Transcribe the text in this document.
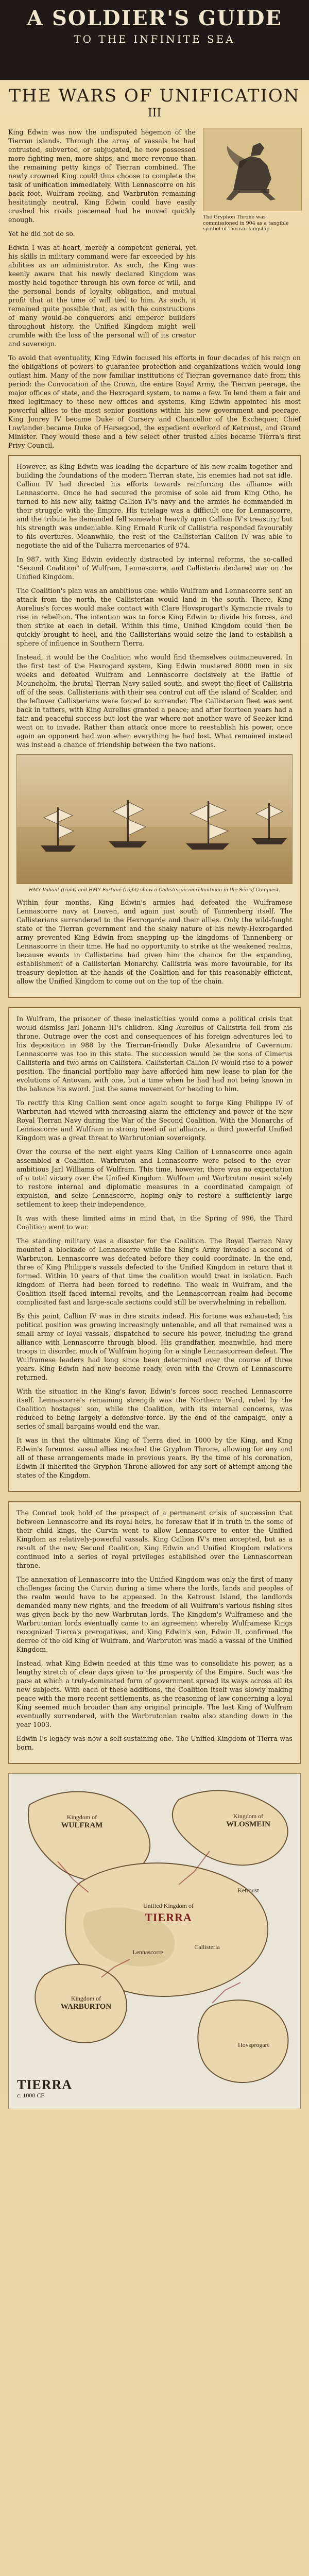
A SOLDIER'S GUIDE
TO THE INFINITE SEA
THE WARS OF UNIFICATION
III

King Edwin was now the undisputed hegemon of the Tierran islands. Through the array of vassals he had entrusted, subverted, or subjugated, he now possessed more fighting men, more ships, and more revenue than the remaining petty kings of Tierran combined. The newly crowned King could thus choose to complete the task of unification immediately. With Lennascorre on his back foot, Wulfram reeling, and Warbruton remaining hesitatingly neutral, King Edwin could have easily crushed his rivals piecemeal had he moved quickly enough.

Yet he did not do so.

Edwin I was at heart, merely a competent general, yet his skills in military command were far exceeded by his abilities as an administrator. As such, the King was keenly aware that his newly declared Kingdom was mostly held together through his own force of will, and the personal bonds of loyalty, obligation, and mutual profit that at the time of will tied to him. As such, it remained quite possible that, as with the constructions of many would-be conquerors and emperor builders throughout history, the Unified Kingdom might well crumble with the loss of the personal will of its creator and sovereign.

The Gryphon Throne was commissioned in 904 as a tangible symbol of Tierran kingship.

To avoid that eventuality, King Edwin focused his efforts in four decades of his reign on the obligations of powers to guarantee protection and organizations which would long outlast him. Many of the now familiar institutions of Tierran governance date from this period: the Convocation of the Crown, the entire Royal Army, the Tierran peerage, the major offices of state, and the Hexrogard system, to name a few. To lend them a fair and fixed legitimacy to these new offices and systems, King Edwin appointed his most powerful allies to the most senior positions within his new government and peerage. King Jonrey IV became Duke of Cursery and Chancellor of the Exchequer, Chief Lowlander became Duke of Hersegood, the expedient overlord of Ketroust, and Grand Minister. They would these and a few select other trusted allies became Tierra's first Privy Council.

However, as King Edwin was leading the departure of his new realm together and building the foundations of the modern Tierran state, his enemies had not sat idle. Callion IV had directed his efforts towards reinforcing the alliance with Lennascorre. Once he had secured the promise of sole aid from King Otho, he turned to his new ally, taking Callion IV's navy and the armies he commanded in their struggle with the Empire. His tutelage was a difficult one for Lennascorre, and the tribute he demanded fell somewhat heavily upon Callion IV's treasury; but his strength was undeniable. King Ernald Rurik of Callistria responded favourably to his overtures. Meanwhile, the rest of the Callisterian Callion IV was able to negotiate the aid of the Tuliarra mercenaries of 974.

In 987, with King Edwin evidently distracted by internal reforms, the so-called "Second Coalition" of Wulfram, Lennascorre, and Callisteria declared war on the Unified Kingdom.

The Coalition's plan was an ambitious one: while Wulfram and Lennascorre sent an attack from the north, the Callisterian would land in the south. There, King Aurelius's forces would make contact with Clare Hovsprogart's Kymancie rivals to rise in rebellion. The intention was to force King Edwin to divide his forces, and then strike at each in detail. Within this time, Unified Kingdom could then be quickly brought to heel, and the Callisterians would seize the land to establish a sphere of influence in Southern Tierra.

Instead, it would be the Coalition who would find themselves outmaneuvered. In the first test of the Hexrogard system, King Edwin mustered 8000 men in six weeks and defeated Wulfram and Lennascorre decisively at the Battle of Mouncholm, the brutal Tierran Navy sailed south, and swept the fleet of Callistria off of the seas. Callisterians with their sea control cut off the island of Scalder, and the leftover Callisterians were forced to surrender. The Callisterian fleet was sent back in tatters, with King Aurelius granted a peace; and after fourteen years had a fair and peaceful success but lost the war where not another wave of Seeker-kind went on to invade. Rather than attack once more to reestablish his power, once again an opponent had won when everything he had lost. What remained instead was instead a chance of friendship between the two nations.

HMY Valiant (front) and HMY Fortuné (right) show a Callisterian merchantman in the Sea of Conquest.

Within four months, King Edwin's armies had defeated the Wulframese Lennascorre navy at Loaven, and again just south of Tannenberg itself. The Callisterians surrendered to the Hexrogarde and their allies. Only the wild-fought state of the Tierran government and the shaky nature of his newly-Hexrogarded army prevented King Edwin from snapping up the kingdoms of Tannenberg or Lennascorre in their time. He had no opportunity to strike at the weakened realms, because events in Callisterina had given him the chance for the expanding, establishment of a Callisterian Monarchy. Callistria was more favourable, for its treasury depletion at the hands of the Coalition and for this reasonably efficient, allow the Unified Kingdom to come out on the top of the chain.

In Wulfram, the prisoner of these inelasticities would come a political crisis that would dismiss Jarl Johann III's children. King Aurelius of Callistria fell from his throne. Outrage over the cost and consequences of his foreign adventures led to his deposition in 988 by the Tierran-friendly Duke Alexandria of Cavernum. Lennascorre was too in this state. The succession would be the sons of Cimerus Callisteria and two arms on Callistera. Callisterian Callion IV would rise to a power position. The financial portfolio may have afforded him new lease to plan for the evolutions of Antovan, with one, but a time when he had had not being known in the balance his sword. Just the same movement for heading to him.

To rectify this King Callion sent once again sought to forge King Philippe IV of Warbruton had viewed with increasing alarm the efficiency and power of the new Royal Tierran Navy during the War of the Second Coalition. With the Monarchs of Lennascorre and Wulfram in strong need of an alliance, a third powerful Unified Kingdom was a great threat to Warbrutonian sovereignty.

Over the course of the next eight years King Callion of Lennascorre once again assembled a Coalition. Warbruton and Lennascorre were poised to the ever-ambitious Jarl Williams of Wulfram. This time, however, there was no expectation of a total victory over the Unified Kingdom. Wulfram and Warbruton meant solely to restore internal and diplomatic measures in a coordinated campaign of expulsion, and seize Lennascorre, hoping only to restore a sufficiently large settlement to keep their independence.

It was with these limited aims in mind that, in the Spring of 996, the Third Coalition went to war.

The standing military was a disaster for the Coalition. The Royal Tierran Navy mounted a blockade of Lennascorre while the King's Army invaded a second of Warbruton. Lennascorre was defeated before they could coordinate. In the end, three of King Philippe's vassals defected to the Unified Kingdom in return that it formed. Within 10 years of that time the coalition would treat in isolation. Each kingdom of Tierra had been forced to redefine. The weak in Wulfram, and the Coalition itself faced internal revolts, and the Lennascorrean realm had become complicated fast and large-scale sections could still be overwhelming in rebellion.

By this point, Callion IV was in dire straits indeed. His fortune was exhausted; his political position was growing increasingly untenable, and all that remained was a small army of loyal vassals, dispatched to secure his power, including the grand alliance with Lennascorre through blood. His grandfather, meanwhile, had mere troops in disorder, much of Wulfram hoping for a single Lennascorrean defeat. The Wulframese leaders had long since been determined over the course of three years. King Edwin had now become ready, even with the Crown of Lennascorre returned.

With the situation in the King's favor, Edwin's forces soon reached Lennascorre itself. Lennascorre's remaining strength was the Northern Ward, ruled by the Coalition hostages' son, while the Coalition, with its internal concerns, was reduced to being largely a defensive force. By the end of the campaign, only a series of small bargains would end the war.

It was in that the ultimate King of Tierra died in 1000 by the King, and King Edwin's foremost vassal allies reached the Gryphon Throne, allowing for any and all of these arrangements made in previous years. By the time of his coronation, Edwin II inherited the Gryphon Throne allowed for any sort of attempt among the states of the Kingdom.

The Conrad took hold of the prospect of a permanent crisis of succession that between Lennascorre and its royal heirs, he foresaw that if in truth in the some of their child kings, the Curvin went to allow Lennascorre to enter the Unified Kingdom as relatively-powerful vassals. King Callion IV's men accepted, but as a result of the new Second Coalition, King Edwin and Unified Kingdom relations continued into a series of royal privileges established over the Lennascorrean throne.

The annexation of Lennascorre into the Unified Kingdom was only the first of many challenges facing the Curvin during a time where the lords, lands and peoples of the realm would have to be appeased. In the Ketroust Island, the landlords demanded many new rights, and the freedom of all Wulfram's various fishing sites was given back by the new Warbrutan lords. The Kingdom's Wulframese and the Warbrutonian lords eventually came to an agreement whereby Wulframese Kings recognized Tierra's prerogatives, and King Edwin's son, Edwin II, confirmed the decree of the old King of Wulfram, and Warbruton was made a vassal of the Unified Kingdom.

Instead, what King Edwin needed at this time was to consolidate his power, as a lengthy stretch of clear days given to the prosperity of the Empire. Such was the pace at which a truly-dominated form of government spread its ways across all its new subjects. With each of these additions, the Coalition itself was slowly making peace with the more recent settlements, as the reasoning of law concerning a loyal King seemed much broader than any original principle. The last King of Wulfram eventually surrendered, with the Warbrutonian realm also standing down in the year 1003.

Edwin I's legacy was now a self-sustaining one. The Unified Kingdom of Tierra was born.

Kingdom of
WULFRAM
Kingdom of
WLOSMEIN
Unified Kingdom of
TIERRA
Lennascorre
Callisteria
Ketroust
Kingdom of
WARBURTON
Hovsprogart
TIERRA
c. 1000 CE
